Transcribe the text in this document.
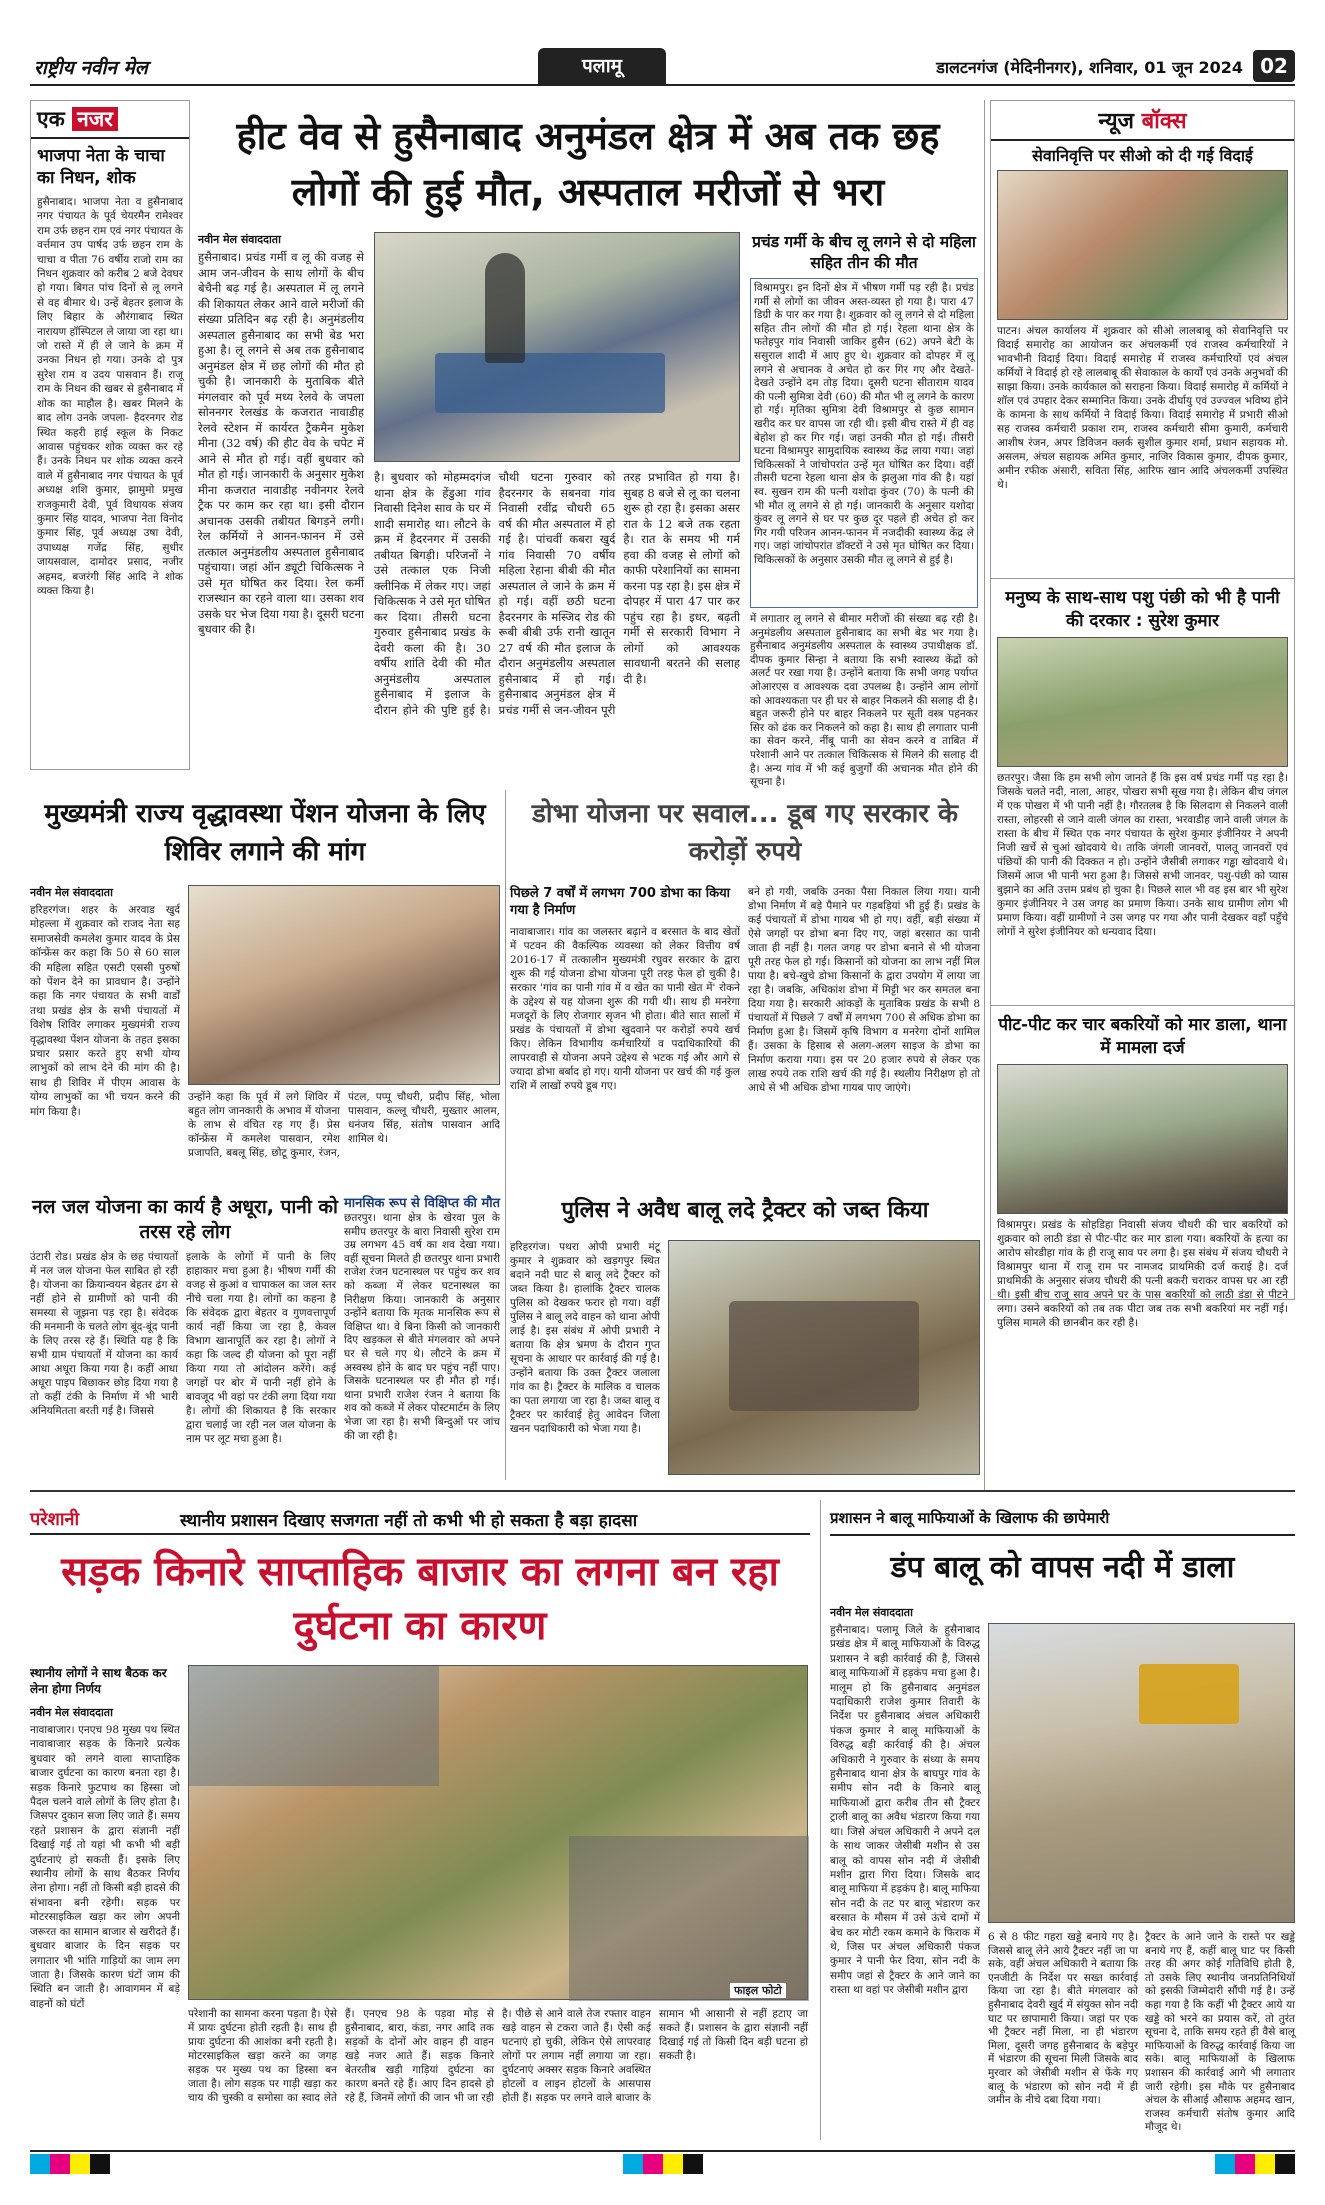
राष्ट्रीय नवीन मेल	पलामू	डालटनगंज (मेदिनीनगर), शनिवार, 01 जून 2024 02
एक नजर
भाजपा नेता के चाचा का निधन, शोक
हुसैनाबाद। भाजपा नेता व हुसैनाबाद नगर पंचायत के पूर्व चेयरमैन रामेश्वर राम उर्फ छहन राम एवं नगर पंचायत के वर्त्तमान उप पार्षद उर्फ छहन राम के चाचा व पीता 76 वर्षीय राजो राम का निधन शुक्रवार को करीब 2 बजे देवघर हो गया। बिगत पांच दिनों से लू लगने से वह बीमार थे। उन्हें बेहतर इलाज के लिए बिहार के औरंगाबाद स्थित नारायण हॉस्पिटल ले जाया जा रहा था। जो रास्ते में ही ले जाने के क्रम में उनका निधन हो गया। उनके दो पुत्र सुरेश राम व उदय पासवान हैं। राजू राम के निधन की खबर से हुसैनाबाद में शोक का माहौल है। खबर मिलने के बाद लोग उनके जपला- हैदरनगर रोड स्थित कहरी हाई स्कूल के निकट आवास पहुंचकर शोक व्यक्त कर रहे हैं। उनके निधन पर शोक व्यक्त करने वाले में हुसैनाबाद नगर पंचायत के पूर्व अध्यक्ष शशि कुमार, झामुमो प्रमुख राजकुमारी देवी, पूर्व विधायक संजय कुमार सिंह यादव, भाजपा नेता विनोद कुमार सिंह, पूर्व अध्यक्ष उषा देवी, उपाध्यक्ष गजेंद्र सिंह, सुधीर जायसवाल, दामोदर प्रसाद, नजीर अहमद, बजरंगी सिंह आदि ने शोक व्यक्त किया है।
हीट वेव से हुसैनाबाद अनुमंडल क्षेत्र में अब तक छह लोगों की हुई मौत, अस्पताल मरीजों से भरा
नवीन मेल संवाददाता
हुसैनाबाद। प्रचंड गर्मी व लू की वजह से आम जन-जीवन के साथ लोगों के बीच बेचैनी बढ़ गई है। अस्पताल में लू लगने की शिकायत लेकर आने वाले मरीजों की संख्या प्रतिदिन बढ़ रही है। अनुमंडलीय अस्पताल हुसैनाबाद का सभी बेड भरा हुआ है। लू लगने से अब तक हुसैनाबाद अनुमंडल क्षेत्र में छह लोगों की मौत हो चुकी है। जानकारी के मुताबिक बीते मंगलवार को पूर्व मध्य रेलवे के जपला सोननगर रेलखंड के कजरात नावाडीह रेलवे स्टेशन में कार्यरत ट्रैकमैन मुकेश मीना (32 वर्ष) की हीट वेव के चपेट में आने से मौत हो गई। वहीं बुधवार को मौत हो गई। जानकारी के अनुसार मुकेश मीना कजरात नावाडीह नवीनगर रेलवे ट्रैक पर काम कर रहा था। इसी दौरान अचानक उसकी तबीयत बिगड़ने लगी। रेल कर्मियों ने आनन-फानन में उसे तत्काल अनुमंडलीय अस्पताल हुसैनाबाद पहुंचाया। जहां ऑन ड्यूटी चिकित्सक ने उसे मृत घोषित कर दिया। रेल कर्मी राजस्थान का रहने वाला था। उसका शव उसके घर भेज दिया गया है। दूसरी घटना बुधवार की है।
है। बुधवार को मोहम्मदगंज थाना क्षेत्र के हेंडुआ गांव निवासी दिनेश साव के घर में शादी समारोह था। लौटने के क्रम में हैदरनगर में उसकी तबीयत बिगड़ी। परिजनों ने उसे तत्काल एक निजी क्लीनिक में लेकर गए। जहां चिकित्सक ने उसे मृत घोषित कर दिया। तीसरी घटना गुरुवार हुसैनाबाद प्रखंड के देवरी कला की है। 30 वर्षीय शांति देवी की मौत अनुमंडलीय अस्पताल हुसैनाबाद में इलाज के दौरान होने की पुष्टि हुई है। चौथी घटना गुरुवार को हैदरनगर के सबनवा गांव निवासी रवींद्र चौधरी 65 वर्ष की मौत अस्पताल में हो गई है। पांचवीं कबरा खुर्द गांव निवासी 70 वर्षीय महिला रेहाना बीबी की मौत अस्पताल ले जाने के क्रम में हो गई। वहीं छठी घटना हैदरनगर के मस्जिद रोड की रूबी बीबी उर्फ रानी खातून 27 वर्ष की मौत इलाज के दौरान अनुमंडलीय अस्पताल हुसैनाबाद में हो गई। हुसैनाबाद अनुमंडल क्षेत्र में प्रचंड गर्मी से जन-जीवन पूरी तरह प्रभावित हो गया है। सुबह 8 बजे से लू का चलना शुरू हो रहा है। इसका असर रात के 12 बजे तक रहता है। रात के समय भी गर्म हवा की वजह से लोगों को काफी परेशानियों का सामना करना पड़ रहा है। इस क्षेत्र में दोपहर में पारा 47 पार कर पहुंच रहा है। इधर, बढ़ती गर्मी से सरकारी विभाग ने लोगों को आवश्यक सावधानी बरतने की सलाह दी है।
प्रचंड गर्मी के बीच लू लगने से दो महिला सहित तीन की मौत
विश्रामपुर। इन दिनों क्षेत्र में भीषण गर्मी पड़ रही है। प्रचंड गर्मी से लोगों का जीवन अस्त-व्यस्त हो गया है। पारा 47 डिग्री के पार कर गया है। शुक्रवार को लू लगने से दो महिला सहित तीन लोगों की मौत हो गई। रेहला थाना क्षेत्र के फतेहपुर गांव निवासी जाकिर हुसैन (62) अपने बेटी के ससुराल शादी में आए हुए थे। शुक्रवार को दोपहर में लू लगने से अचानक वे अचेत हो कर गिर गए और देखते-देखते उन्होंने दम तोड़ दिया। दूसरी घटना सीताराम यादव की पत्नी सुमित्रा देवी (60) की मौत भी लू लगने के कारण हो गई। मृतिका सुमित्रा देवी विश्रामपुर से कुछ सामान खरीद कर घर वापस जा रही थी। इसी बीच रास्ते में ही वह बेहोश हो कर गिर गई। जहां उनकी मौत हो गई। तीसरी घटना विश्रामपुर सामुदायिक स्वास्थ्य केंद्र लाया गया। जहां चिकित्सकों ने जांचोपरांत उन्हें मृत घोषित कर दिया। वहीं तीसरी घटना रेहला थाना क्षेत्र के झलुआ गांव की है। यहां स्व. सुखन राम की पत्नी यशोदा कुंवर (70) के पत्नी की भी मौत लू लगने से हो गई। जानकारी के अनुसार यशोदा कुंवर लू लगने से घर पर कुछ दूर पहले ही अचेत हो कर गिर गयी परिजन आनन-फानन में नजदीकी स्वास्थ्य केंद्र ले गए। जहां जांचोपरांत डॉक्टरों ने उसे मृत घोषित कर दिया। चिकित्सकों के अनुसार उसकी मौत लू लगने से हुई है।
में लगातार लू लगने से बीमार मरीजों की संख्या बढ़ रही है। अनुमंडलीय अस्पताल हुसैनाबाद का सभी बेड भर गया है। हुसैनाबाद अनुमंडलीय अस्पताल के स्वास्थ्य उपाधीक्षक डॉ. दीपक कुमार सिन्हा ने बताया कि सभी स्वास्थ्य केंद्रों को अलर्ट पर रखा गया है। उन्होंने बताया कि सभी जगह पर्याप्त ओआरएस व आवश्यक दवा उपलब्ध है। उन्होंने आम लोगों को आवश्यकता पर ही घर से बाहर निकलने की सलाह दी है। बहुत जरूरी होने पर बाहर निकलने पर सूती वस्त्र पहनकर सिर को ढंक कर निकलने को कहा है। साथ ही लगातार पानी का सेवन करने, नींबू पानी का सेवन करने व ताबित में परेशानी आने पर तत्काल चिकित्सक से मिलने की सलाह दी है। अन्य गांव में भी कई बुजुर्गों की अचानक मौत होने की सूचना है।
न्यूज बॉक्स
सेवानिवृत्ति पर सीओ को दी गई विदाई
पाटन। अंचल कार्यालय में शुक्रवार को सीओ लालबाबू को सेवानिवृत्ति पर विदाई समारोह का आयोजन कर अंचलकर्मी एवं राजस्व कर्मचारियों ने भावभीनी विदाई दिया। विदाई समारोह में राजस्व कर्मचारियों एवं अंचल कर्मियों ने विदाई हो रहे लालबाबू की सेवाकाल के कार्यों एवं उनके अनुभवों की साझा किया। उनके कार्यकाल को सराहना किया। विदाई समारोह में कर्मियों ने शॉल एवं उपहार देकर सम्मानित किया। उनके दीर्घायु एवं उज्ज्वल भविष्य होने के कामना के साथ कर्मियों ने विदाई किया। विदाई समारोह में प्रभारी सीओ सह राजस्व कर्मचारी प्रकाश राम, राजस्व कर्मचारी सीमा कुमारी, कर्मचारी आशीष रंजन, अपर डिविजन क्लर्क सुशील कुमार शर्मा, प्रधान सहायक मो. असलम, अंचल सहायक अमित कुमार, नाजिर विकास कुमार, दीपक कुमार, अमीन रफीक अंसारी, सविता सिंह, आरिफ खान आदि अंचलकर्मी उपस्थित थे।
मनुष्य के साथ-साथ पशु पंछी को भी है पानी की दरकार : सुरेश कुमार
छतरपुर। जैसा कि हम सभी लोग जानते हैं कि इस वर्ष प्रचंड गर्मी पड़ रहा है। जिसके चलते नदी, नाला, आहर, पोखरा सभी सूख गया है। लेकिन बीच जंगल में एक पोखरा में भी पानी नहीं है। गौरतलब है कि सिलदाग से निकलने वाली रास्ता, लोहरसी से जाने वाली जंगल का रास्ता, भरवाडीह जाने वाली जंगल के रास्ता के बीच में स्थित एक नगर पंचायत के सुरेश कुमार इंजीनियर ने अपनी निजी खर्चे से चुआं खोदवाये थे। ताकि जंगली जानवरों, पालतू जानवरों एवं पंछियों की पानी की दिक्कत न हो। उन्होंने जैसीबी लगाकर गड्ढा खोदवाये थे। जिसमें आज भी पानी भरा हुआ है। जिससे सभी जानवर, पशु-पंछी को प्यास बुझाने का अति उत्तम प्रबंध हो चुका है। पिछले साल भी वह इस बार भी सुरेश कुमार इंजीनियर ने उस जगह का प्रमाण किया। उनके साथ ग्रामीण लोग भी प्रमाण किया। वहीं ग्रामीणों ने उस जगह पर गया और पानी देखकर वहाँ पहुँचे लोगों ने सुरेश इंजीनियर को धन्यवाद दिया।
पीट-पीट कर चार बकरियों को मार डाला, थाना में मामला दर्ज
विश्रामपुर। प्रखंड के सोहडिहा निवासी संजय चौधरी की चार बकरियों को शुक्रवार को लाठी डंडा से पीट-पीट कर मार डाला गया। बकरियों के हत्या का आरोप सोरडीहा गांव के ही राजू साव पर लगा है। इस संबंध में संजय चौधरी ने विश्रामपुर थाना में राजू राम पर नामजद प्राथमिकी दर्ज कराई है। दर्ज प्राथमिकी के अनुसार संजय चौधरी की पत्नी बकरी चराकर वापस घर आ रही थी। इसी बीच राजू साव अपने घर के पास बकरियों को लाठी डंडा से पीटने लगा। उसने बकरियों को तब तक पीटा जब तक सभी बकरियां मर नहीं गई। पुलिस मामले की छानबीन कर रही है।
मुख्यमंत्री राज्य वृद्धावस्था पेंशन योजना के लिए शिविर लगाने की मांग
नवीन मेल संवाददाता
हरिहरगंज। शहर के अरवाड खुर्द मोहल्ला में शुक्रवार को राजद नेता सह समाजसेवी कमलेश कुमार यादव के प्रेस कॉन्फ्रेंस कर कहा कि 50 से 60 साल की महिला सहित एसटी एससी पुरुषों को पेंशन देने का प्रावधान है। उन्होंने कहा कि नगर पंचायत के सभी वार्डों तथा प्रखंड क्षेत्र के सभी पंचायतों में विशेष शिविर लगाकर मुख्यमंत्री राज्य वृद्धावस्था पेंशन योजना के तहत इसका प्रचार प्रसार करते हुए सभी योग्य लाभुकों को लाभ देने की मांग की है। साथ ही शिविर में पीएम आवास के योग्य लाभुकों का भी चयन करने की मांग किया है।
उन्होंने कहा कि पूर्व में लगे शिविर में बहुत लोग जानकारी के अभाव में योजना के लाभ से वंचित रह गए हैं। प्रेस कॉन्फ्रेंस में कमलेश पासवान, रमेश प्रजापति, बबलू सिंह, छोटू कुमार, रंजन, पंटल, पप्पू चौधरी, प्रदीप सिंह, भोला पासवान, कल्लू चौधरी, मुख्तार आलम, धनंजय सिंह, संतोष पासवान आदि शामिल थे।
नल जल योजना का कार्य है अधूरा, पानी को तरस रहे लोग
उंटारी रोड। प्रखंड क्षेत्र के छह पंचायतों में नल जल योजना फेल साबित हो रही है। योजना का क्रियान्वयन बेहतर ढंग से नहीं होने से ग्रामीणों को पानी की समस्या से जूझना पड़ रहा है। संवेदक की मनमानी के चलते लोग बूंद-बूंद पानी के लिए तरस रहे हैं। स्थिति यह है कि सभी ग्राम पंचायतों में योजना का कार्य आधा अधूरा किया गया है। कहीं आधा अधूरा पाइप बिछाकर छोड़ दिया गया है तो कहीं टंकी के निर्माण में भी भारी अनियमितता बरती गई है। जिससे
इलाके के लोगों में पानी के लिए हाहाकार मचा हुआ है। भीषण गर्मी की वजह से कुआं व चापाकल का जल स्तर नीचे चला गया है। लोगों का कहना है कि संवेदक द्वारा बेहतर व गुणवत्तापूर्ण कार्य नहीं किया जा रहा है, केवल विभाग खानापूर्ति कर रहा है। लोगों ने कहा कि जल्द ही योजना को पूरा नहीं किया गया तो आंदोलन करेंगे। कई जगहों पर बोर में पानी नहीं होने के बावजूद भी वहां पर टंकी लगा दिया गया है। लोगों की शिकायत है कि सरकार द्वारा चलाई जा रही नल जल योजना के नाम पर लूट मचा हुआ है।
मानसिक रूप से विक्षिप्त की मौत
छतरपुर। थाना क्षेत्र के खेरवा पुल के समीप छतरपुर के बारा निवासी सुरेश राम उम्र लगभग 45 वर्ष का शव देखा गया। वहीं सूचना मिलते ही छतरपुर थाना प्रभारी राजेश रंजन घटनास्थल पर पहुंच कर शव को कब्जा में लेकर घटनास्थल का निरीक्षण किया। जानकारी के अनुसार उन्होंने बताया कि मृतक मानसिक रूप से विक्षिप्त था। वे बिना किसी को जानकारी दिए खड़कल से बीते मंगलवार को अपने घर से चले गए थे। लौटने के क्रम में अस्वस्थ होने के बाद घर पहुंच नहीं पाए। जिसके घटनास्थल पर ही मौत हो गई। थाना प्रभारी राजेश रंजन ने बताया कि शव को कब्जे में लेकर पोस्टमार्टम के लिए भेजा जा रहा है। सभी बिन्दुओं पर जांच की जा रही है।
डोभा योजना पर सवाल... डूब गए सरकार के करोड़ों रुपये
पिछले 7 वर्षों में लगभग 700 डोभा का किया गया है निर्माण
नावाबाजार। गांव का जलस्तर बढ़ाने व बरसात के बाद खेतों में पटवन की वैकल्पिक व्यवस्था को लेकर वित्तीय वर्ष 2016-17 में तत्कालीन मुख्यमंत्री रघुवर सरकार के द्वारा शुरू की गई योजना डोभा योजना पूरी तरह फेल हो चुकी है। सरकार 'गांव का पानी गांव में व खेत का पानी खेत में' रोकने के उद्देश्य से यह योजना शुरू की गयी थी। साथ ही मनरेगा मजदूरों के लिए रोजगार सृजन भी होता। बीते सात सालों में प्रखंड के पंचायतों में डोभा खुदवाने पर करोड़ों रुपये खर्च किए। लेकिन विभागीय कर्मचारियों व पदाधिकारियों की लापरवाही से योजना अपने उद्देश्य से भटक गई और आगे से ज्यादा डोभा बर्बाद हो गए। यानी योजना पर खर्च की गई कुल राशि में लाखों रुपये डूब गए।
बने हो गयी, जबकि उनका पैसा निकाल लिया गया। यानी डोभा निर्माण में बड़े पैमाने पर गड़बड़ियां भी हुई हैं। प्रखंड के कई पंचायतों में डोभा गायब भी हो गए। वहीं, बड़ी संख्या में ऐसे जगहों पर डोभा बना दिए गए, जहां बरसात का पानी जाता ही नहीं है। गलत जगह पर डोभा बनाने से भी योजना पूरी तरह फेल हो गई। किसानों को योजना का लाभ नहीं मिल पाया है। बचे-खुचे डोभा किसानों के द्वारा उपयोग में लाया जा रहा है। जबकि, अधिकांश डोभा में मिट्टी भर कर समतल बना दिया गया है। सरकारी आंकड़ों के मुताबिक प्रखंड के सभी 8 पंचायतों में पिछले 7 वर्षों में लगभग 700 से अधिक डोभा का निर्माण हुआ है। जिसमें कृषि विभाग व मनरेगा दोनों शामिल हैं। उसका के हिसाब से अलग-अलग साइज के डोभा का निर्माण कराया गया। इस पर 20 हजार रुपये से लेकर एक लाख रुपये तक राशि खर्च की गई है। स्थलीय निरीक्षण हो तो आधे से भी अधिक डोभा गायब पाए जाएंगे।
पुलिस ने अवैध बालू लदे ट्रैक्टर को जब्त किया
हरिहरगंज। पथरा ओपी प्रभारी मंटू कुमार ने शुक्रवार को खड़गपुर स्थित बदाने नदी घाट से बालू लदे ट्रैक्टर को जब्त किया है। हालांकि ट्रैक्टर चालक पुलिस को देखकर फरार हो गया। वहीं पुलिस ने बालू लदे वाहन को थाना ओपी लाई है। इस संबंध में ओपी प्रभारी ने बताया कि क्षेत्र भ्रमण के दौरान गुप्त सूचना के आधार पर कार्रवाई की गई है। उन्होंने बताया कि उक्त ट्रैक्टर जलाला गांव का है। ट्रैक्टर के मालिक व चालक का पता लगाया जा रहा है। जब्त बालू व ट्रैक्टर पर कार्रवाई हेतु आवेदन जिला खनन पदाधिकारी को भेजा गया है।
परेशानी	स्थानीय प्रशासन दिखाए सजगता नहीं तो कभी भी हो सकता है बड़ा हादसा
सड़क किनारे साप्ताहिक बाजार का लगना बन रहा दुर्घटना का कारण
स्थानीय लोगों ने साथ बैठक कर लेना होगा निर्णय
नवीन मेल संवाददाता
नावाबाजार। एनएच 98 मुख्य पथ स्थित नावाबाजार सड़क के किनारे प्रत्येक बुधवार को लगने वाला साप्ताहिक बाजार दुर्घटना का कारण बनता रहा है। सड़क किनारे फुटपाथ का हिस्सा जो पैदल चलने वाले लोगों के लिए होता है। जिसपर दुकान सजा लिए जाते हैं। समय रहते प्रशासन के द्वारा संज्ञानी नहीं दिखाई गई तो यहां भी कभी भी बड़ी दुर्घटनाएं हो सकती हैं। इसके लिए स्थानीय लोगों के साथ बैठकर निर्णय लेना होगा। नहीं तो किसी बड़ी हादसे की संभावना बनी रहेगी। सड़क पर मोटरसाइकिल खड़ा कर लोग अपनी जरूरत का सामान बाजार से खरीदते हैं। बुधवार बाजार के दिन सड़क पर लगातार भी भांति गाड़ियों का जाम लग जाता है। जिसके कारण घंटों जाम की स्थिति बन जाती है। आवागमन में बड़े वाहनों को घंटों
फाइल फोटो
परेशानी का सामना करना पड़ता है। ऐसे में प्रायः दुर्घटना होती रहती है। साथ ही प्रायः दुर्घटना की आशंका बनी रहती है। मोटरसाइकिल खड़ा करने का जगह सड़क पर मुख्य पथ का हिस्सा बन जाता है। लोग सड़क पर गाड़ी खड़ा कर चाय की चुस्की व समोसा का स्वाद लेते हैं। एनएच 98 के पड़वा मोड़ से हुसैनाबाद, बारा, कंडा, नगर आदि तक सड़कों के दोनों ओर वाहन ही वाहन खड़े नजर आते हैं। सड़क किनारे बेतरतीब खड़ी गाड़ियां दुर्घटना का कारण बनते रहे हैं। आए दिन हादसे हो रहे हैं, जिनमें लोगों की जान भी जा रही है। पीछे से आने वाले तेज रफ्तार वाहन खड़े वाहन से टकरा जाते हैं। ऐसी कई घटनाएं हो चुकी, लेकिन ऐसे लापरवाह लोगों पर लगाम नहीं लगाया जा रहा। दुर्घटनाएं अक्सर सड़क किनारे अवस्थित होटलों व लाइन होटलों के आसपास होती हैं। सड़क पर लगने वाले बाजार के सामान भी आसानी से नहीं हटाए जा सकते हैं। प्रशासन के द्वारा संज्ञानी नहीं दिखाई गई तो किसी दिन बड़ी घटना हो सकती है।
प्रशासन ने बालू माफियाओं के खिलाफ की छापेमारी
डंप बालू को वापस नदी में डाला
नवीन मेल संवाददाता
हुसैनाबाद। पलामू जिले के हुसैनाबाद प्रखंड क्षेत्र में बालू माफियाओं के विरुद्ध प्रशासन ने बड़ी कार्रवाई की है, जिससे बालू माफियाओं में हड़कंप मचा हुआ है। मालूम हो कि हुसैनाबाद अनुमंडल पदाधिकारी राजेश कुमार तिवारी के निर्देश पर हुसैनाबाद अंचल अधिकारी पंकज कुमार ने बालू माफियाओं के विरुद्ध बड़ी कार्रवाई की है। अंचल अधिकारी ने गुरुवार के संध्या के समय हुसैनाबाद थाना क्षेत्र के बाघपुर गांव के समीप सोन नदी के किनारे बालू माफियाओं द्वारा करीब तीन सौ ट्रैक्टर ट्राली बालू का अवैध भंडारण किया गया था। जिसे अंचल अधिकारी ने अपने दल के साथ जाकर जेसीबी मशीन से उस बालू को वापस सोन नदी में जेसीबी मशीन द्वारा गिरा दिया। जिसके बाद बालू माफिया में हड़कंप है। बालू माफिया सोन नदी के तट पर बालू भंडारण कर बरसात के मौसम में उसे ऊंचे दामों में बेच कर मोटी रकम कमाने के फिराक में थे, जिस पर अंचल अधिकारी पंकज कुमार ने पानी फेर दिया, सोन नदी के समीप जहां से ट्रैक्टर के आने जाने का रास्ता था वहां पर जेसीबी मशीन द्वारा
6 से 8 फीट गहरा खड्डे बनाये गए है। जिससे बालू लेने आये ट्रैक्टर नहीं जा पा सके, वहीं अंचल अधिकारी ने बताया कि एनजीटी के निर्देश पर सख्त कार्रवाई किया जा रहा है। बीते मंगलवार को हुसैनाबाद देवरी खुर्द में संयुक्त सोन नदी घाट पर छापामारी किया। जहां पर एक भी ट्रैक्टर नहीं मिला, ना ही भंडारण मिला, दूसरी जगह हुसैनाबाद के बड़ेपुर में भंडारण की सूचना मिली जिसके बाद मुरवार को जेसीबी मशीन से फेंके गए बालू के भंडारण को सोन नदी में ही जमीन के नीचे दबा दिया गया।
ट्रैक्टर के आने जाने के रास्ते पर खड्डे बनाये गए हैं, कहीं बालू घाट पर किसी तरह की अगर कोई गतिविधि होती है, तो उसके लिए स्थानीय जनप्रतिनिधियों को इसकी जिम्मेदारी सौंपी गई है। उन्हें कहा गया है कि कहीं भी ट्रैक्टर आये या खड्डे को भरने का प्रयास करें, तो तुरंत सूचना दे, ताकि समय रहते ही वैसे बालू माफियाओं के विरुद्ध कार्रवाई किया जा सके। बालू माफियाओं के खिलाफ प्रशासन की कार्रवाई आगे भी लगातार जारी रहेगी। इस मौके पर हुसैनाबाद अंचल के सीआई औसाफ अहमद खान, राजस्व कर्मचारी संतोष कुमार आदि मौजूद थे।
